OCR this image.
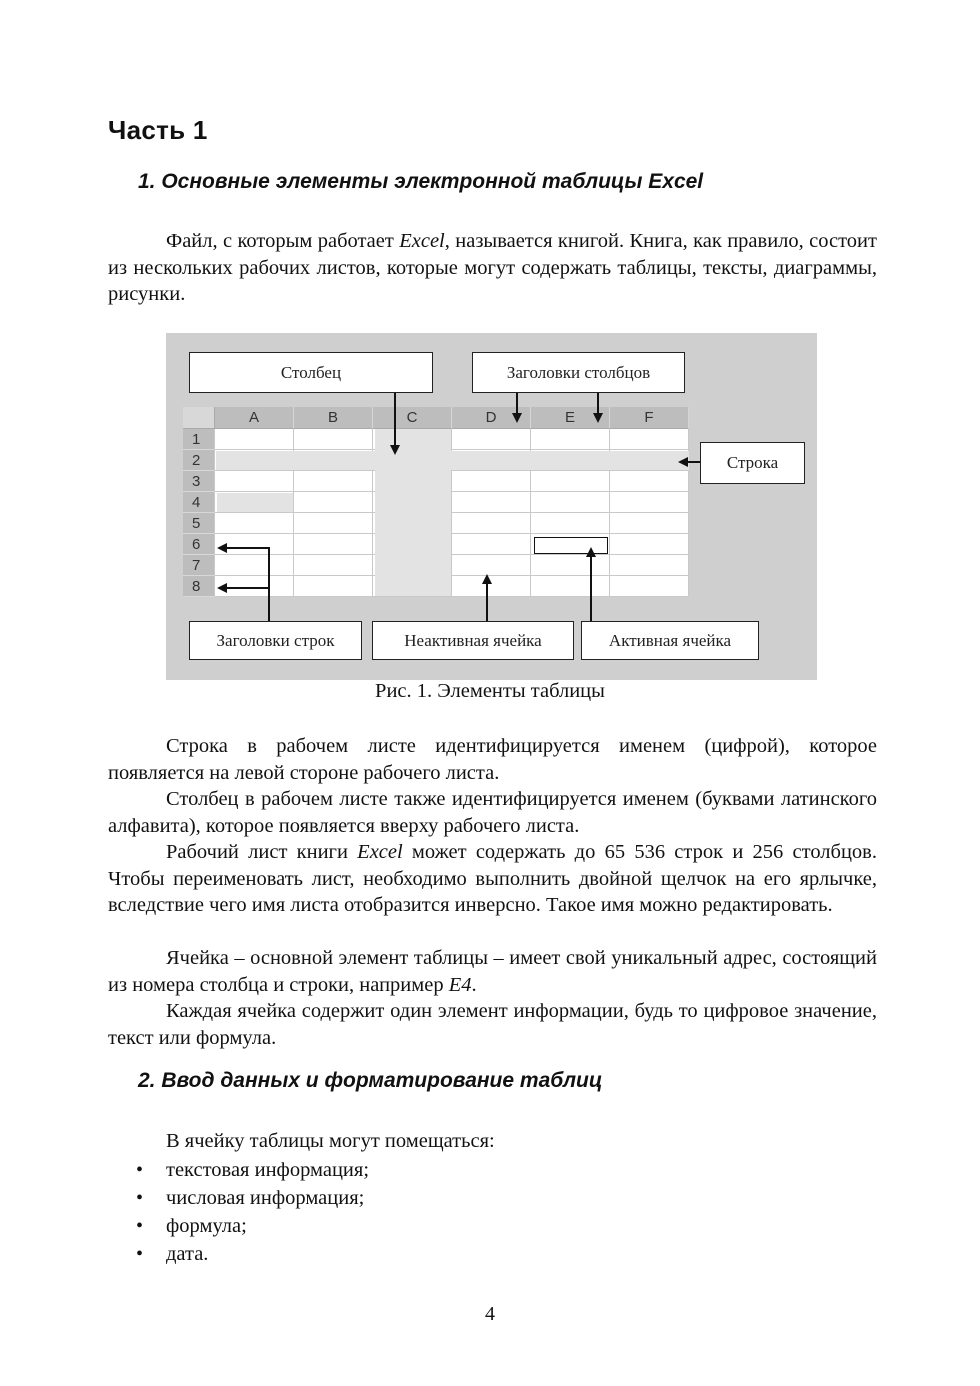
Часть 1
1. Основные элементы электронной таблицы Excel
Файл, с которым работает Excel, называется книгой. Книга, как правило, состоит из нескольких рабочих листов, которые могут содержать таблицы, тексты, диаграммы, рисунки.
Столбец	Заголовки столбцов
Строка
A	B	C	D	E	F
1
2
3
4
5
6
7
8
Заголовки строк	Неактивная ячейка	Активная ячейка
Рис. 1. Элементы таблицы
Строка в рабочем листе идентифицируется именем (цифрой), которое появляется на левой стороне рабочего листа.
Столбец в рабочем листе также идентифицируется именем (буквами латинского алфавита), которое появляется вверху рабочего листа.
Рабочий лист книги Excel может содержать до 65 536 строк и 256 столбцов. Чтобы переименовать лист, необходимо выполнить двойной щелчок на его ярлычке, вследствие чего имя листа отобразится инверсно. Такое имя можно редактировать.
Ячейка – основной элемент таблицы – имеет свой уникальный адрес, состоящий из номера столбца и строки, например E4.
Каждая ячейка содержит один элемент информации, будь то цифровое значение, текст или формула.
2. Ввод данных и форматирование таблиц
В ячейку таблицы могут помещаться:
• текстовая информация;
• числовая информация;
• формула;
• дата.
4
